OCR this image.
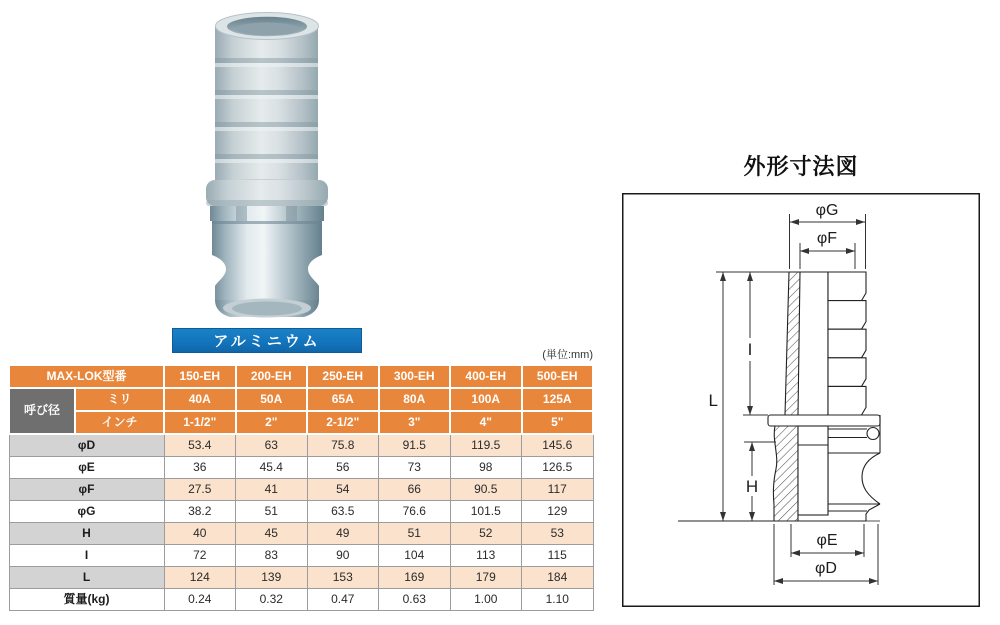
アルミニウム
(単位:mm)
MAX-LOK型番		150-EH	200-EH	250-EH	300-EH	400-EH	500-EH
呼び径	ミリ	40A	50A	65A	80A	100A	125A
	インチ	1-1/2"	2"	2-1/2"	3"	4"	5"
φD		53.4	63	75.8	91.5	119.5	145.6
φE		36	45.4	56	73	98	126.5
φF		27.5	41	54	66	90.5	117
φG		38.2	51	63.5	76.6	101.5	129
H		40	45	49	51	52	53
I		72	83	90	104	113	115
L		124	139	153	169	179	184
質量(kg)		0.24	0.32	0.47	0.63	1.00	1.10
外形寸法図
φG
φF
L
I
H
φE
φD
